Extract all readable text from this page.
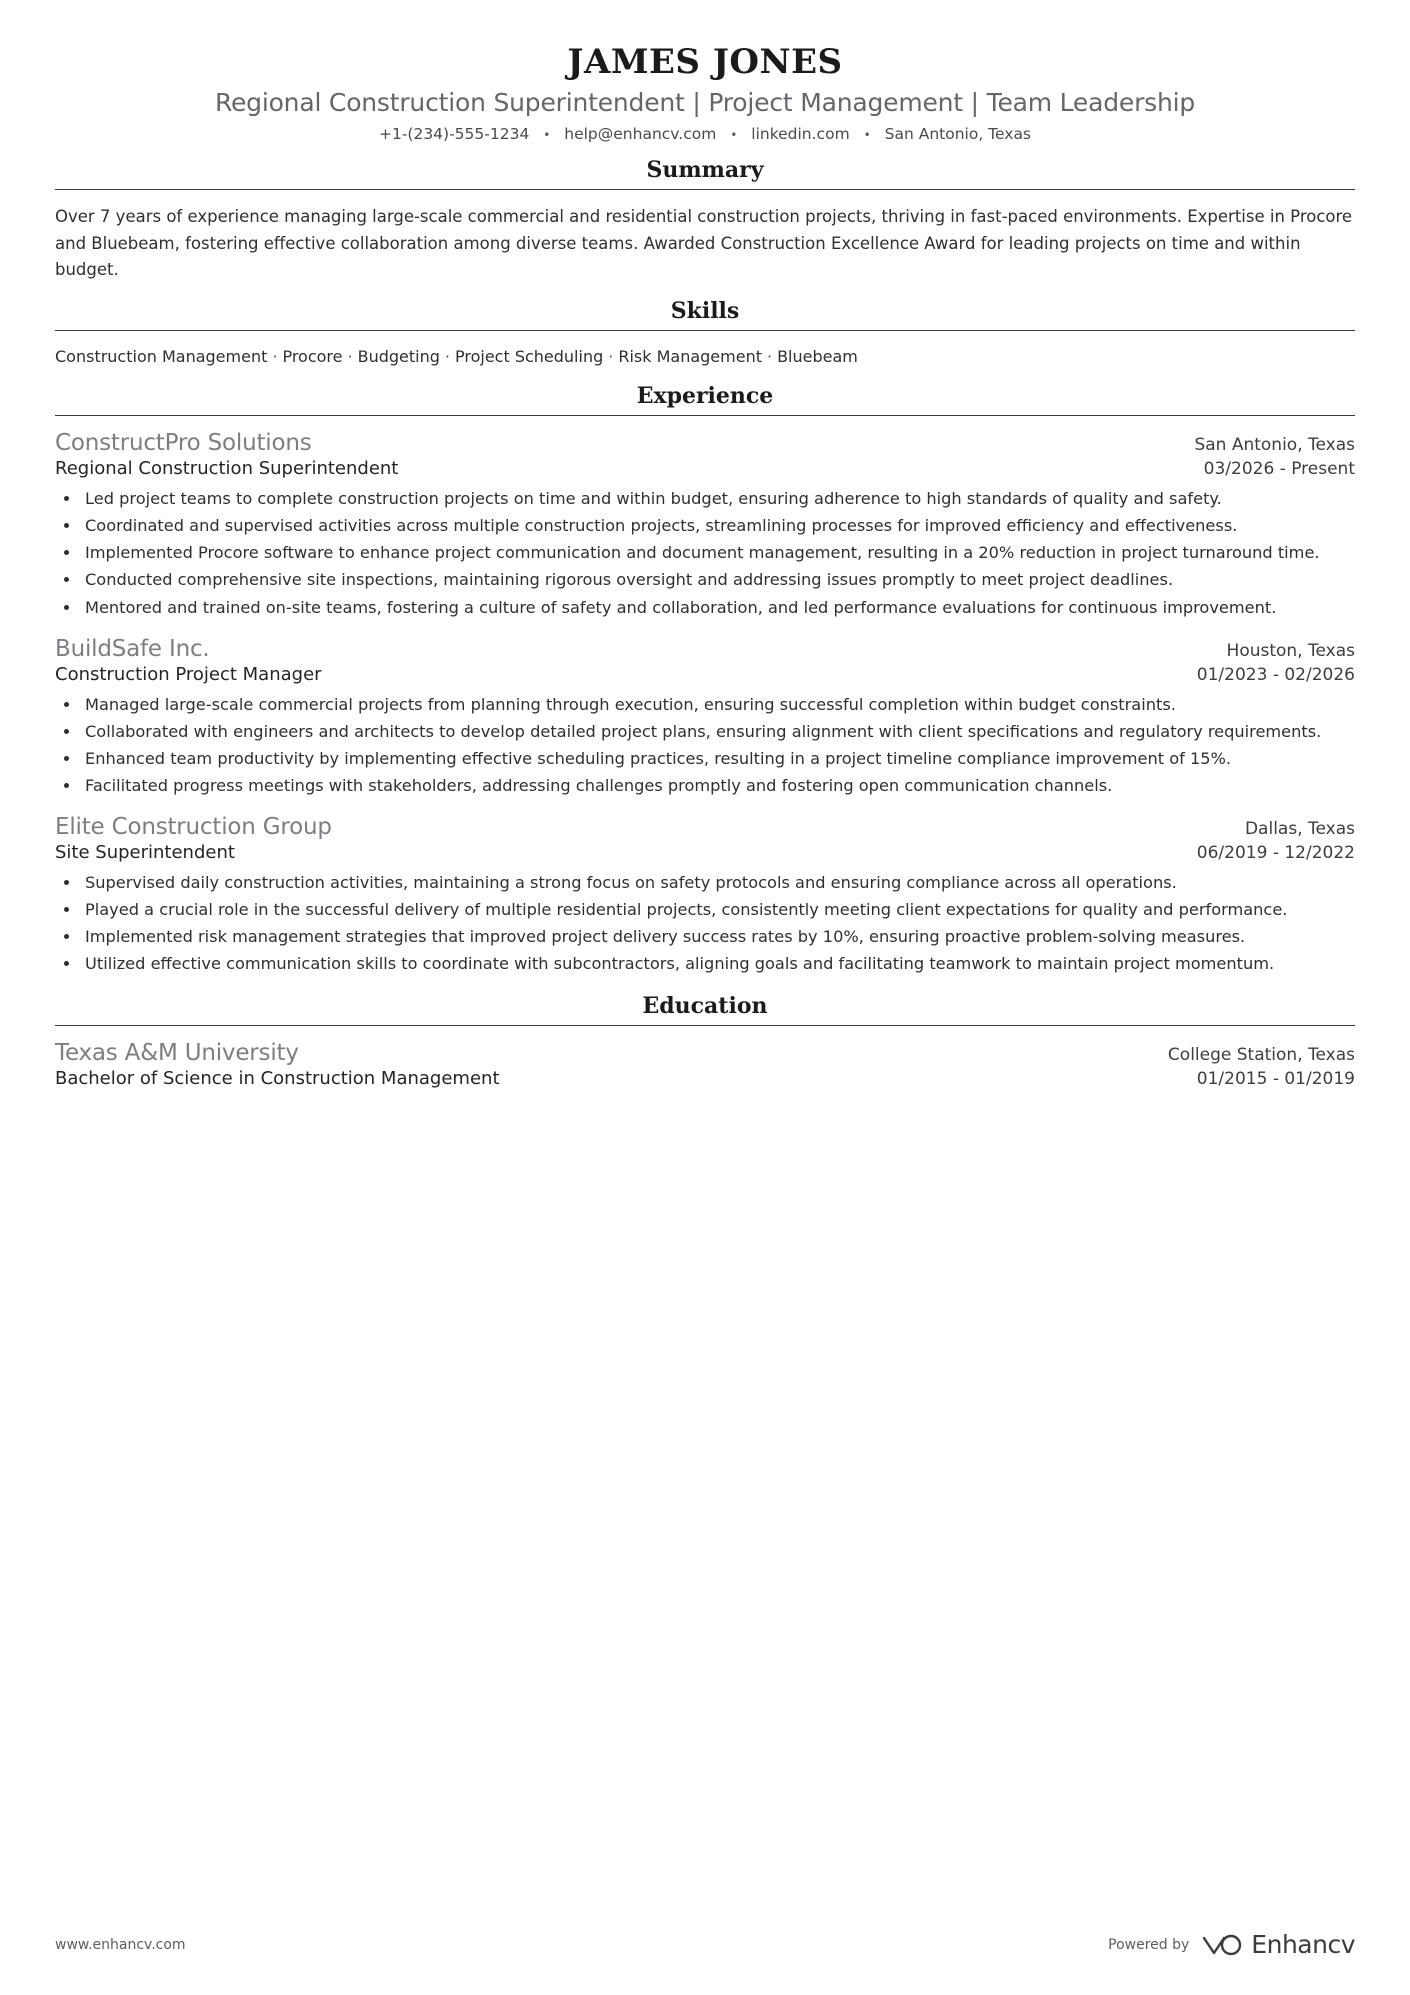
JAMES JONES
Regional Construction Superintendent | Project Management | Team Leadership
+1-(234)-555-1234 • help@enhancv.com • linkedin.com • San Antonio, Texas
Summary
Over 7 years of experience managing large-scale commercial and residential construction projects, thriving in fast-paced environments. Expertise in Procore and Bluebeam, fostering effective collaboration among diverse teams. Awarded Construction Excellence Award for leading projects on time and within budget.
Skills
Construction Management · Procore · Budgeting · Project Scheduling · Risk Management · Bluebeam
Experience
ConstructPro Solutions	San Antonio, Texas
Regional Construction Superintendent	03/2026 - Present
• Led project teams to complete construction projects on time and within budget, ensuring adherence to high standards of quality and safety.
• Coordinated and supervised activities across multiple construction projects, streamlining processes for improved efficiency and effectiveness.
• Implemented Procore software to enhance project communication and document management, resulting in a 20% reduction in project turnaround time.
• Conducted comprehensive site inspections, maintaining rigorous oversight and addressing issues promptly to meet project deadlines.
• Mentored and trained on-site teams, fostering a culture of safety and collaboration, and led performance evaluations for continuous improvement.
BuildSafe Inc.	Houston, Texas
Construction Project Manager	01/2023 - 02/2026
• Managed large-scale commercial projects from planning through execution, ensuring successful completion within budget constraints.
• Collaborated with engineers and architects to develop detailed project plans, ensuring alignment with client specifications and regulatory requirements.
• Enhanced team productivity by implementing effective scheduling practices, resulting in a project timeline compliance improvement of 15%.
• Facilitated progress meetings with stakeholders, addressing challenges promptly and fostering open communication channels.
Elite Construction Group	Dallas, Texas
Site Superintendent	06/2019 - 12/2022
• Supervised daily construction activities, maintaining a strong focus on safety protocols and ensuring compliance across all operations.
• Played a crucial role in the successful delivery of multiple residential projects, consistently meeting client expectations for quality and performance.
• Implemented risk management strategies that improved project delivery success rates by 10%, ensuring proactive problem-solving measures.
• Utilized effective communication skills to coordinate with subcontractors, aligning goals and facilitating teamwork to maintain project momentum.
Education
Texas A&M University	College Station, Texas
Bachelor of Science in Construction Management	01/2015 - 01/2019
www.enhancv.com	Powered by Enhancv
